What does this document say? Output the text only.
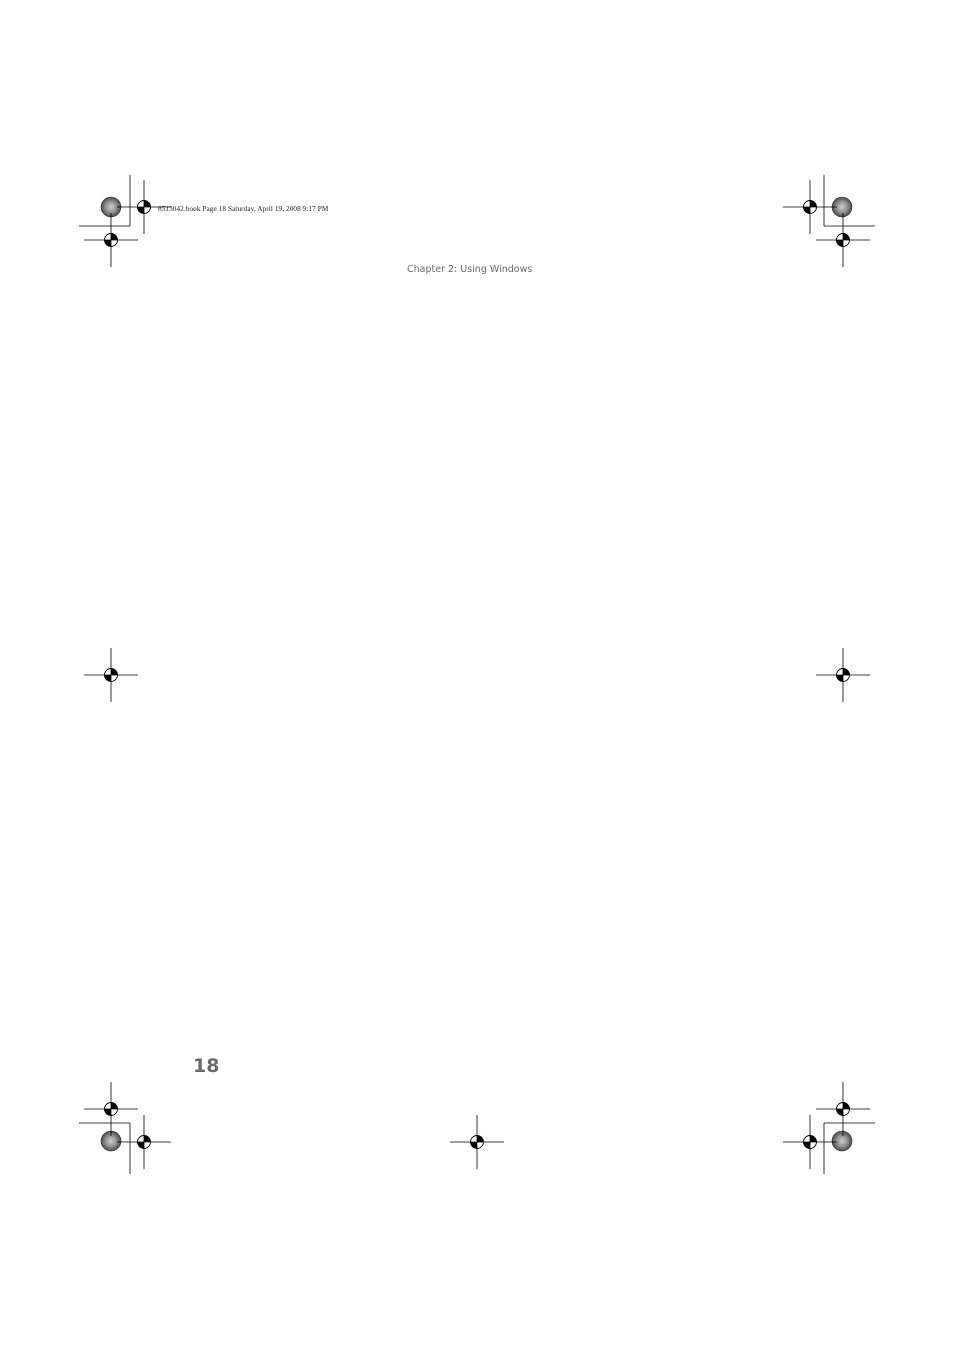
8513042.book Page 18 Saturday, April 19, 2008 9:17 PM
Chapter 2: Using Windows
18
